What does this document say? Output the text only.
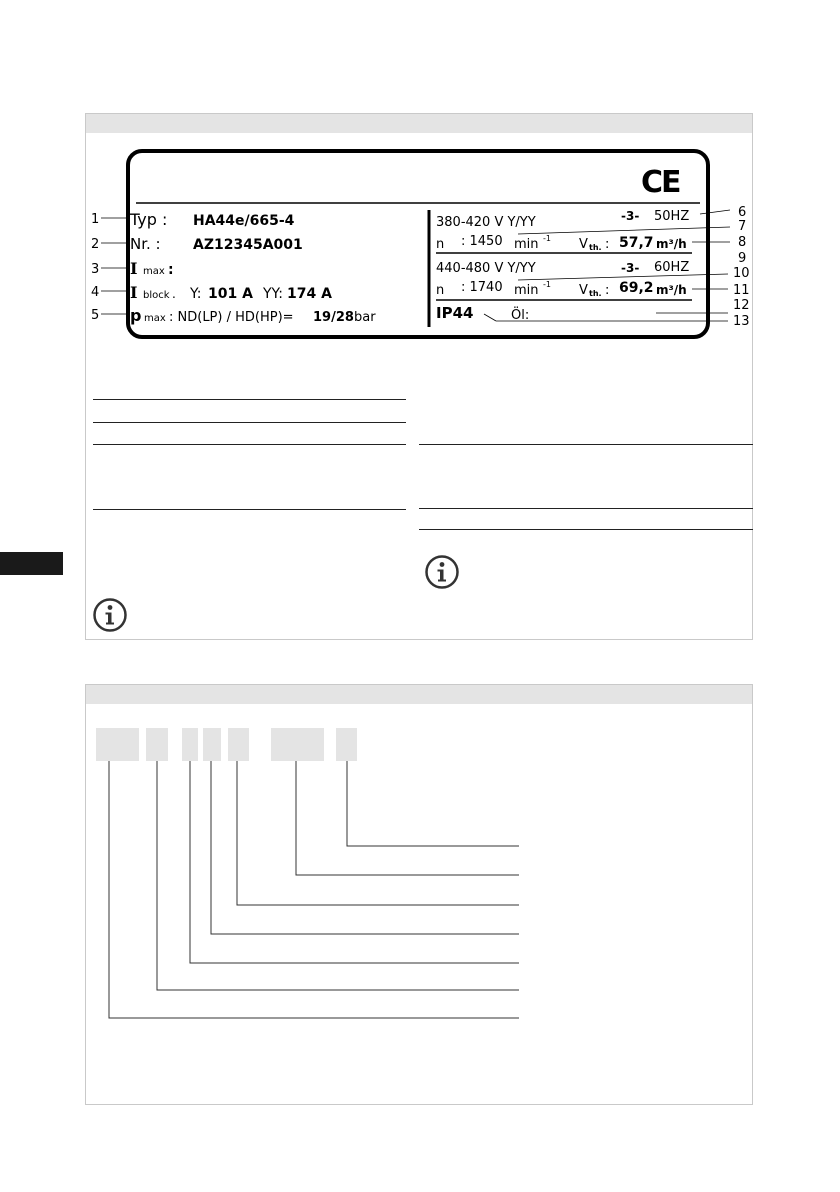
CE
1
2
3
4
5
Typ : HA44e/665-4
Nr. : AZ12345A001
I max :
I block . Y: 101 A YY: 174 A
p max : ND(LP) / HD(HP)= 19/28 bar
380-420 V Y/YY	-3- 50HZ
n : 1450 min -1 V th. : 57,7 m³/h
440-480 V Y/YY	-3- 60HZ
n : 1740 min -1 V th. : 69,2 m³/h
IP44	Öl:
6
7
8
9
10
11
12
13
